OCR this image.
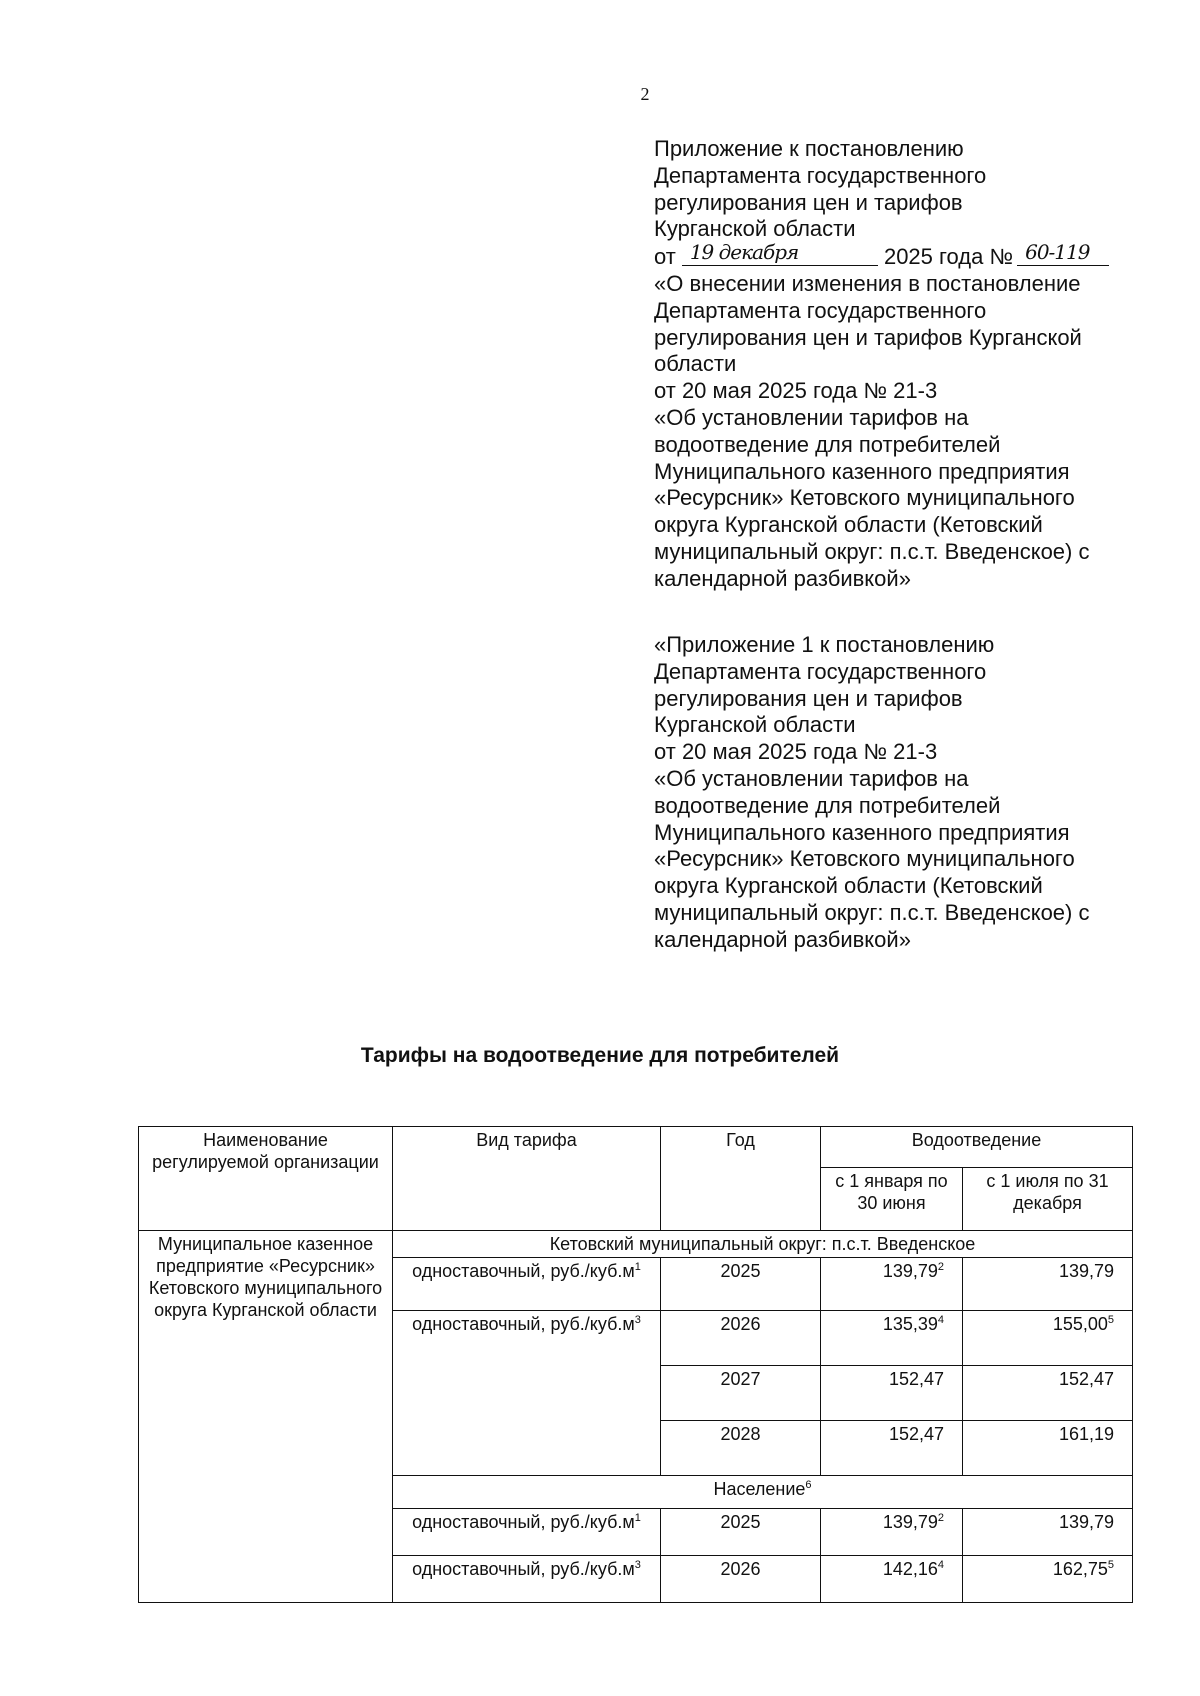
2
Приложение к постановлению
Департамента государственного
регулирования цен и тарифов
Курганской области
от 19 декабря	2025 года № 60-119
«О внесении изменения в постановление
Департамента государственного
регулирования цен и тарифов Курганской
области
от 20 мая 2025 года № 21-3
«Об установлении тарифов на
водоотведение для потребителей
Муниципального казенного предприятия
«Ресурсник» Кетовского муниципального
округа Курганской области (Кетовский
муниципальный округ: п.с.т. Введенское) с
календарной разбивкой»
«Приложение 1 к постановлению
Департамента государственного
регулирования цен и тарифов
Курганской области
от 20 мая 2025 года № 21-3
«Об установлении тарифов на
водоотведение для потребителей
Муниципального казенного предприятия
«Ресурсник» Кетовского муниципального
округа Курганской области (Кетовский
муниципальный округ: п.с.т. Введенское) с
календарной разбивкой»
Тарифы на водоотведение для потребителей
Наименование регулируемой организации	Вид тарифа	Год	Водоотведение	
			с 1 января по 30 июня	с 1 июля по 31 декабря
Муниципальное казенное предприятие «Ресурсник» Кетовского муниципального округа Курганской области	Кетовский муниципальный округ: п.с.т. Введенское			
	одноставочный, $руб./куб.м^1$	2025	139,79$^2$	139,79
	одноставочный, $руб./куб.м^3$	2026	135,39$^4$	155,00$^5$
		2027	152,47	152,47
		2028	152,47	161,19
	Население$^6$
	одноставочный, $руб./куб.м^1$	2025	139,79$^2$	139,79
	одноставочный, $руб./куб.м^3$	2026	142,16$^4$	162,75$^5$
